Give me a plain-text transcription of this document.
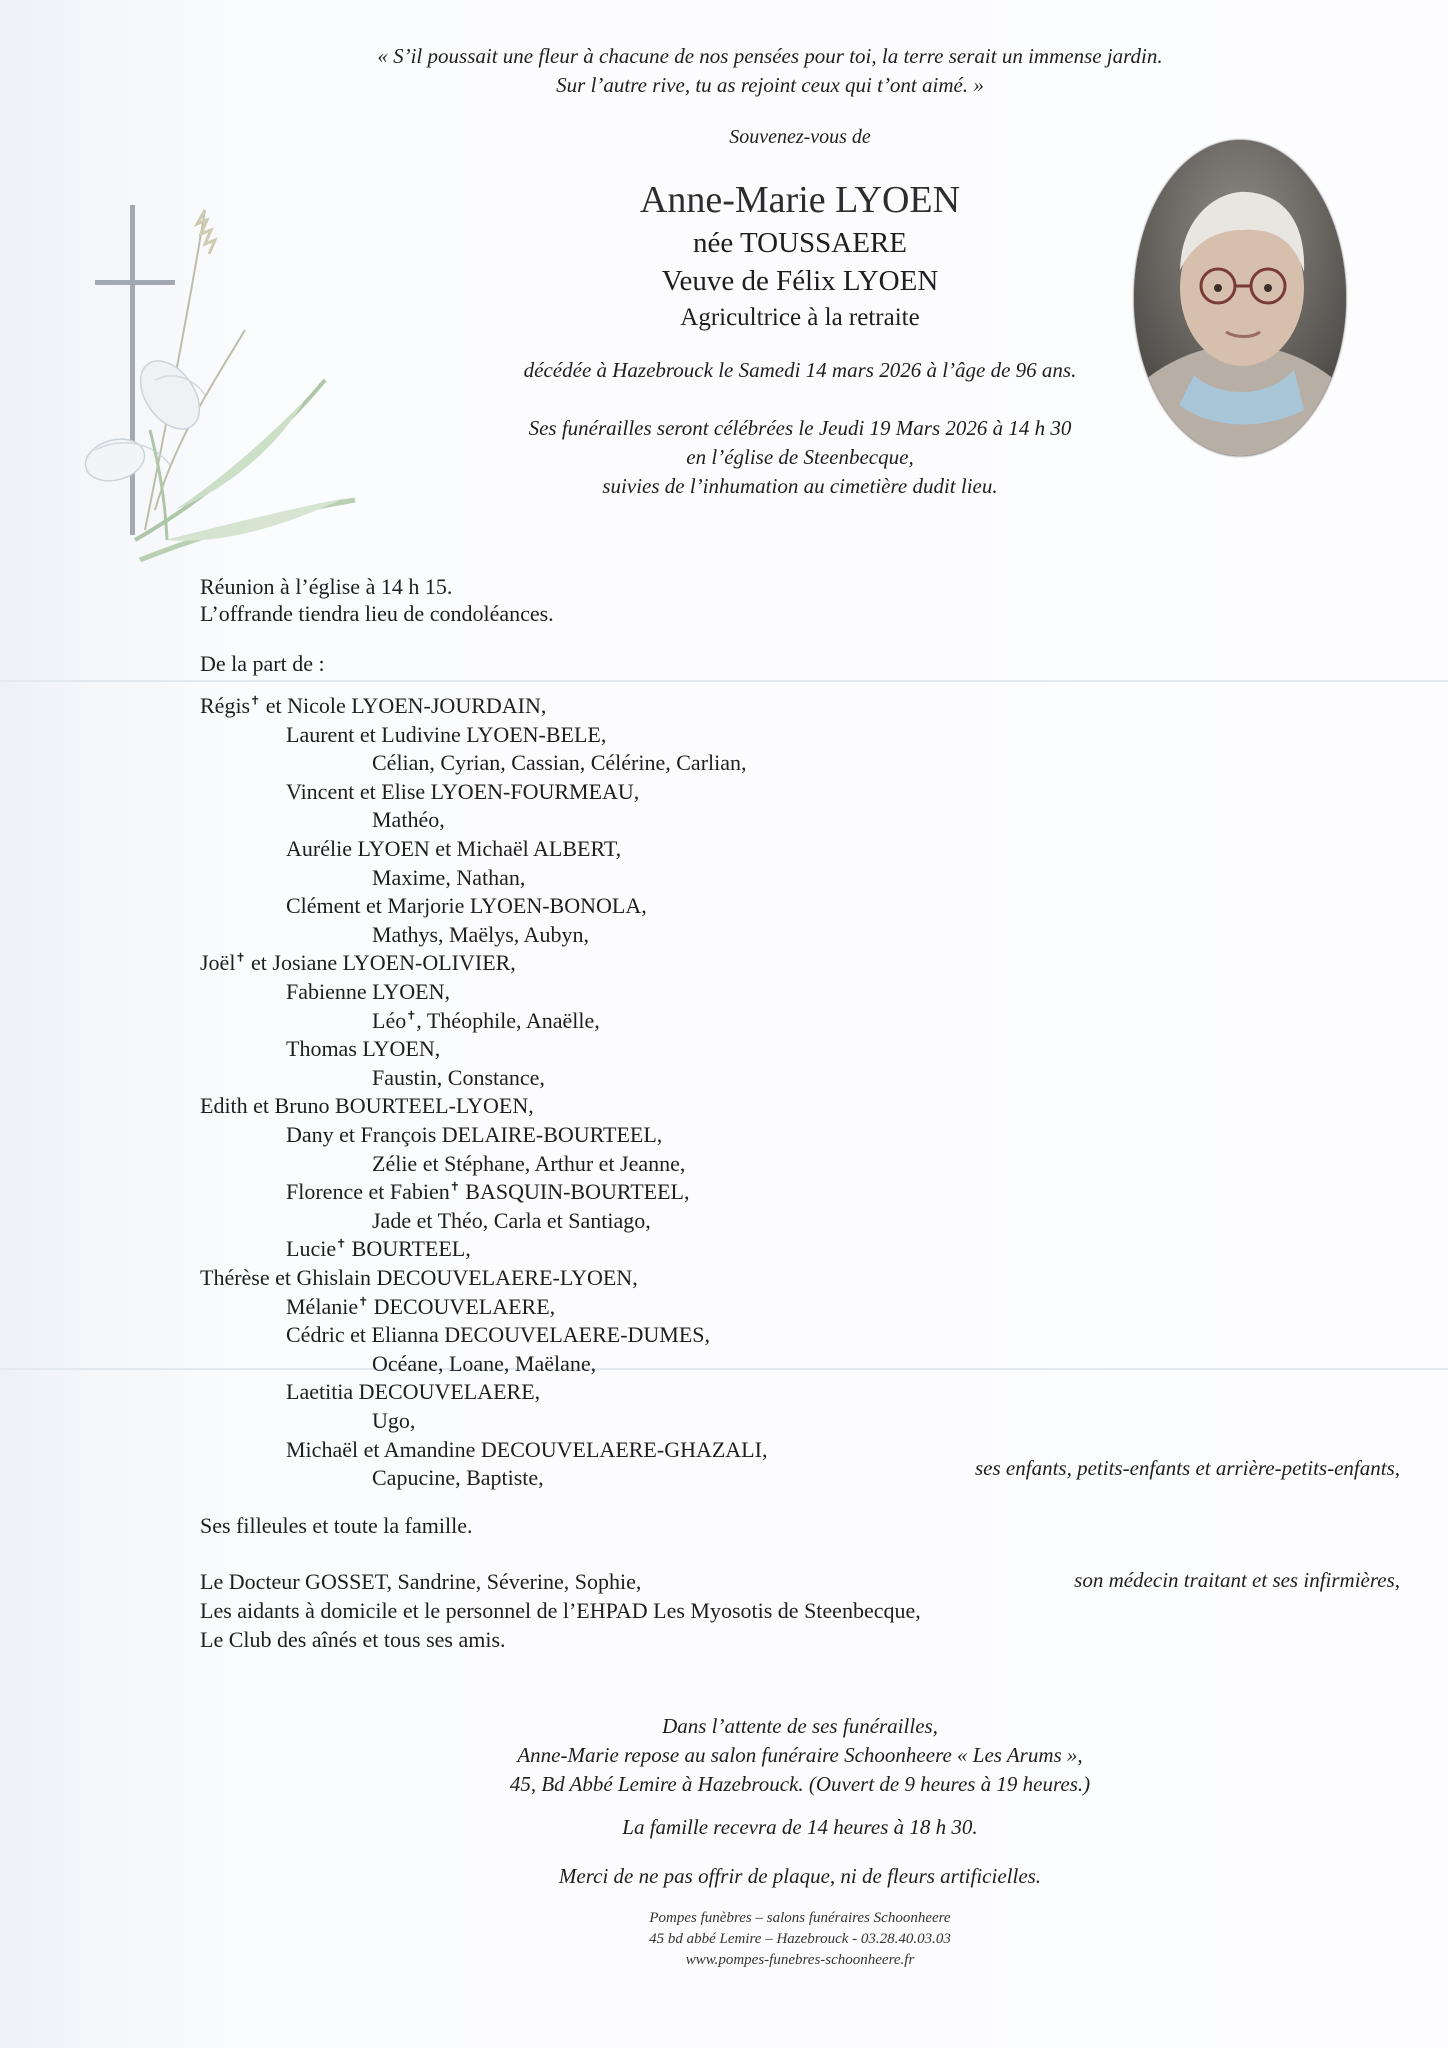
« S’il poussait une fleur à chacune de nos pensées pour toi, la terre serait un immense jardin.
Sur l’autre rive, tu as rejoint ceux qui t’ont aimé. »
Souvenez-vous de
Anne-Marie LYOEN
née TOUSSAERE
Veuve de Félix LYOEN
Agricultrice à la retraite
décédée à Hazebrouck le Samedi 14 mars 2026 à l’âge de 96 ans.
Ses funérailles seront célébrées le Jeudi 19 Mars 2026 à 14 h 30
en l’église de Steenbecque,
suivies de l’inhumation au cimetière dudit lieu.
Réunion à l’église à 14 h 15.
L’offrande tiendra lieu de condoléances.
De la part de :
Régis✝ et Nicole LYOEN-JOURDAIN,
Laurent et Ludivine LYOEN-BELE,
Célian, Cyrian, Cassian, Célérine, Carlian,
Vincent et Elise LYOEN-FOURMEAU,
Mathéo,
Aurélie LYOEN et Michaël ALBERT,
Maxime, Nathan,
Clément et Marjorie LYOEN-BONOLA,
Mathys, Maëlys, Aubyn,
Joël✝ et Josiane LYOEN-OLIVIER,
Fabienne LYOEN,
Léo✝, Théophile, Anaëlle,
Thomas LYOEN,
Faustin, Constance,
Edith et Bruno BOURTEEL-LYOEN,
Dany et François DELAIRE-BOURTEEL,
Zélie et Stéphane, Arthur et Jeanne,
Florence et Fabien✝ BASQUIN-BOURTEEL,
Jade et Théo, Carla et Santiago,
Lucie✝ BOURTEEL,
Thérèse et Ghislain DECOUVELAERE-LYOEN,
Mélanie✝ DECOUVELAERE,
Cédric et Elianna DECOUVELAERE-DUMES,
Océane, Loane, Maëlane,
Laetitia DECOUVELAERE,
Ugo,
Michaël et Amandine DECOUVELAERE-GHAZALI,
Capucine, Baptiste,	ses enfants, petits-enfants et arrière-petits-enfants,
Ses filleules et toute la famille.
Le Docteur GOSSET, Sandrine, Séverine, Sophie,
Les aidants à domicile et le personnel de l’EHPAD Les Myosotis de Steenbecque,
Le Club des aînés et tous ses amis.
son médecin traitant et ses infirmières,
Dans l’attente de ses funérailles,
Anne-Marie repose au salon funéraire Schoonheere « Les Arums »,
45, Bd Abbé Lemire à Hazebrouck. (Ouvert de 9 heures à 19 heures.)
La famille recevra de 14 heures à 18 h 30.
Merci de ne pas offrir de plaque, ni de fleurs artificielles.
Pompes funèbres – salons funéraires Schoonheere
45 bd abbé Lemire – Hazebrouck - 03.28.40.03.03
www.pompes-funebres-schoonheere.fr
